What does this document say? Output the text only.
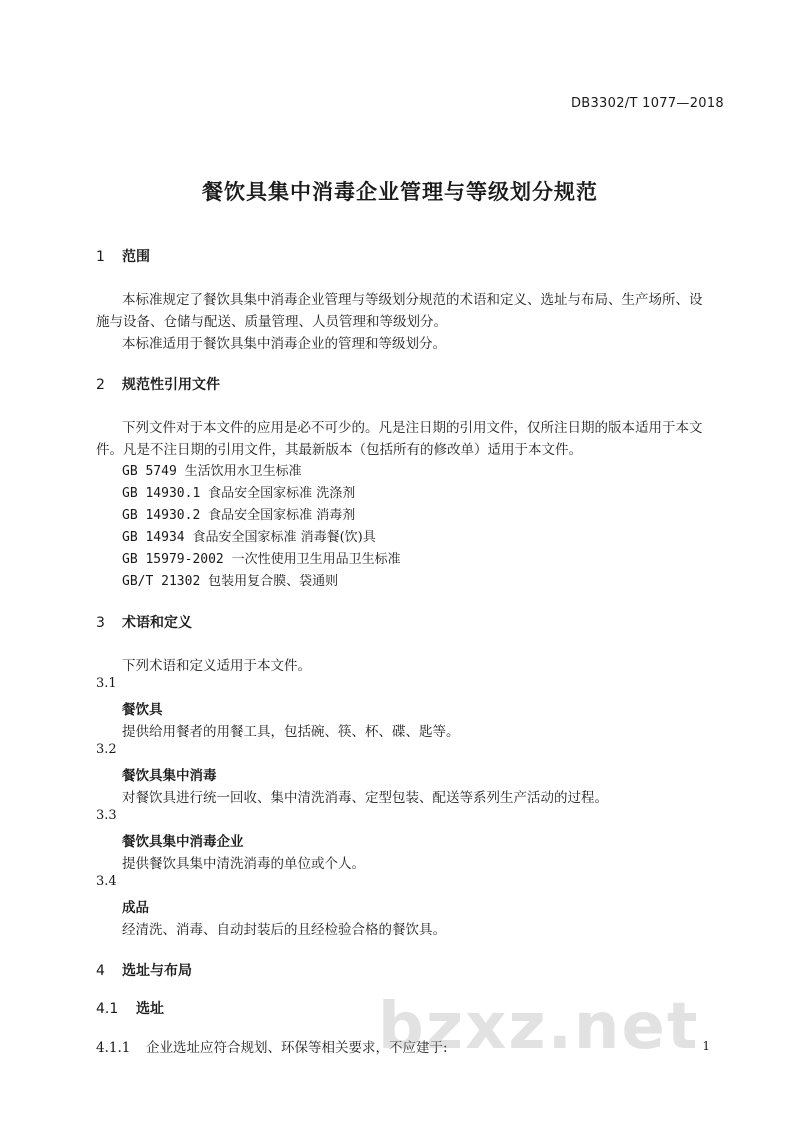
DB3302/T 1077—2018
餐饮具集中消毒企业管理与等级划分规范
1 范围
本标准规定了餐饮具集中消毒企业管理与等级划分规范的术语和定义、选址与布局、生产场所、设
施与设备、仓储与配送、质量管理、人员管理和等级划分。
本标准适用于餐饮具集中消毒企业的管理和等级划分。
2 规范性引用文件
下列文件对于本文件的应用是必不可少的。凡是注日期的引用文件，仅所注日期的版本适用于本文
件。凡是不注日期的引用文件，其最新版本（包括所有的修改单）适用于本文件。
GB 5749 生活饮用水卫生标准
GB 14930.1 食品安全国家标准 洗涤剂
GB 14930.2 食品安全国家标准 消毒剂
GB 14934 食品安全国家标准 消毒餐(饮)具
GB 15979-2002 一次性使用卫生用品卫生标准
GB/T 21302 包装用复合膜、袋通则
3 术语和定义
下列术语和定义适用于本文件。
3.1
餐饮具
提供给用餐者的用餐工具，包括碗、筷、杯、碟、匙等。
3.2
餐饮具集中消毒
对餐饮具进行统一回收、集中清洗消毒、定型包装、配送等系列生产活动的过程。
3.3
餐饮具集中消毒企业
提供餐饮具集中清洗消毒的单位或个人。
3.4
成品
经清洗、消毒、自动封装后的且经检验合格的餐饮具。
4 选址与布局
4.1 选址
4.1.1 企业选址应符合规划、环保等相关要求，不应建于:	1
bzxz.net
